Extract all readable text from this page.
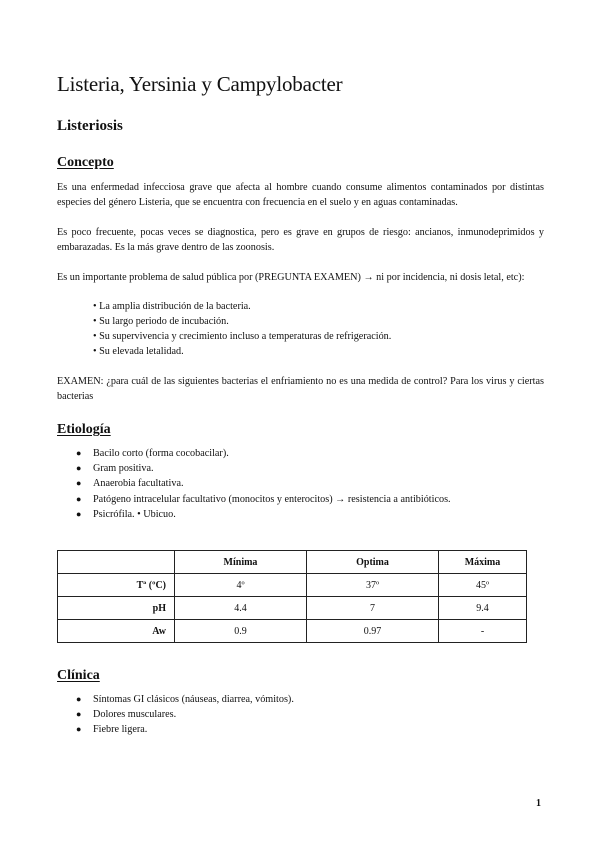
Listeria, Yersinia y Campylobacter
Listeriosis
Concepto

Es una enfermedad infecciosa grave que afecta al hombre cuando consume alimentos contaminados por distintas especies del género Listeria, que se encuentra con frecuencia en el suelo y en aguas contaminadas.

Es poco frecuente, pocas veces se diagnostica, pero es grave en grupos de riesgo: ancianos, inmunodeprimidos y embarazadas. Es la más grave dentro de las zoonosis.

Es un importante problema de salud pública por (PREGUNTA EXAMEN) → ni por incidencia, ni dosis letal, etc):

• La amplia distribución de la bacteria.
• Su largo periodo de incubación.
• Su supervivencia y crecimiento incluso a temperaturas de refrigeración.
• Su elevada letalidad.

EXAMEN: ¿para cuál de las siguientes bacterias el enfriamiento no es una medida de control? Para los virus y ciertas bacterias

Etiología
● Bacilo corto (forma cocobacilar).
● Gram positiva.
● Anaerobia facultativa.
● Patógeno intracelular facultativo (monocitos y enterocitos) → resistencia a antibióticos.
● Psicrófila. • Ubicuo.
	Mínima	Optima	Máxima
Tª (ºC)	4º	37º	45º
pH	4.4	7	9.4
Aw	0.9	0.97	-
Clínica
● Síntomas GI clásicos (náuseas, diarrea, vómitos).
● Dolores musculares.
● Fiebre ligera.
1
